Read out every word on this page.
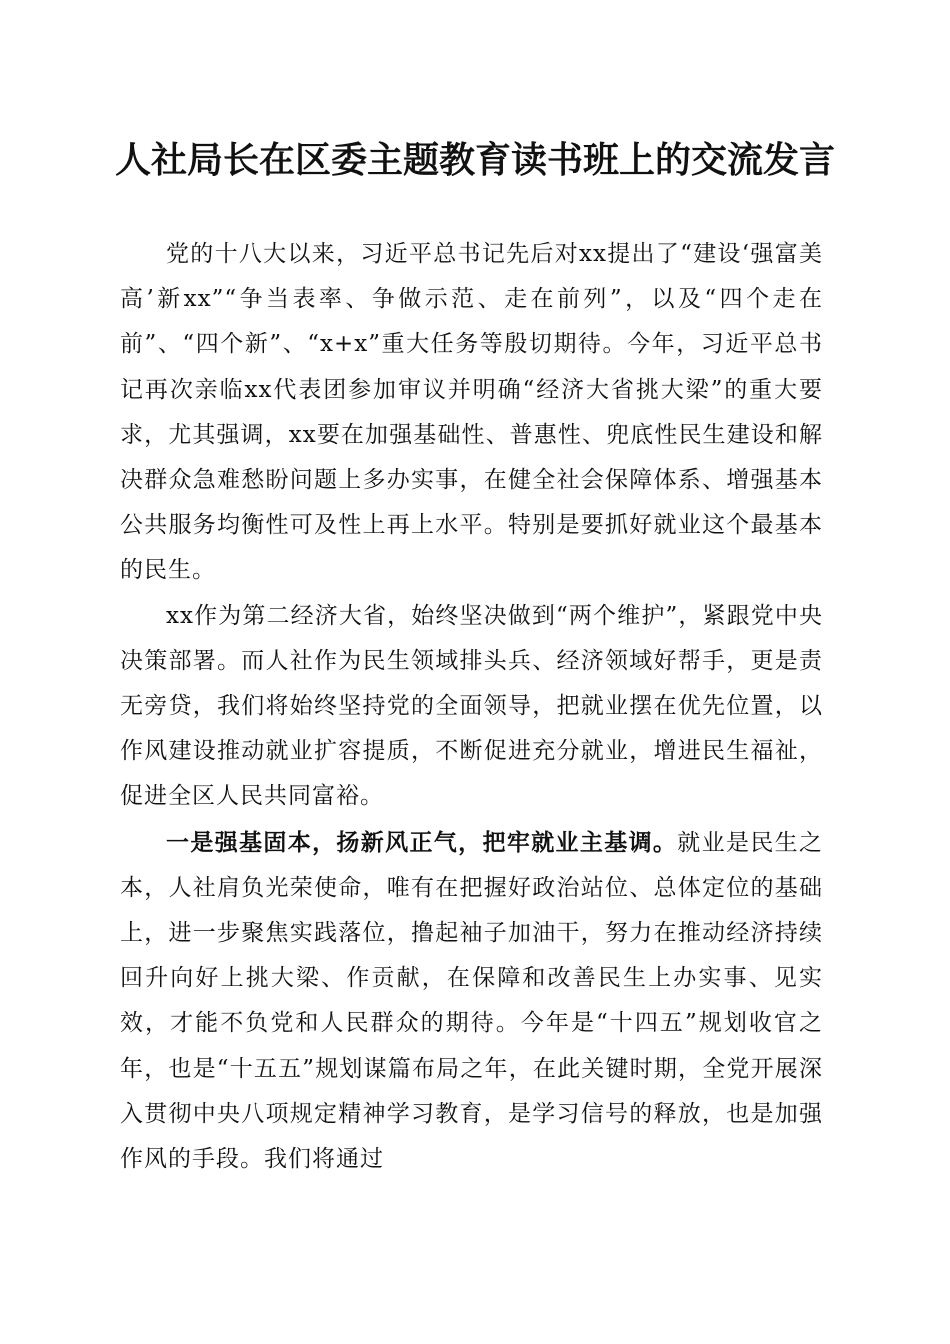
人社局长在区委主题教育读书班上的交流发言

党的十八大以来，习近平总书记先后对xx提出了“建设‘强富美高’新xx”“争当表率、争做示范、走在前列”，以及“四个走在前”、“四个新”、“x+x”重大任务等殷切期待。今年，习近平总书记再次亲临xx代表团参加审议并明确“经济大省挑大梁”的重大要求，尤其强调，xx要在加强基础性、普惠性、兜底性民生建设和解决群众急难愁盼问题上多办实事，在健全社会保障体系、增强基本公共服务均衡性可及性上再上水平。特别是要抓好就业这个最基本的民生。

xx作为第二经济大省，始终坚决做到“两个维护”，紧跟党中央决策部署。而人社作为民生领域排头兵、经济领域好帮手，更是责无旁贷，我们将始终坚持党的全面领导，把就业摆在优先位置，以作风建设推动就业扩容提质，不断促进充分就业，增进民生福祉，促进全区人民共同富裕。

一是强基固本，扬新风正气，把牢就业主基调。就业是民生之本，人社肩负光荣使命，唯有在把握好政治站位、总体定位的基础上，进一步聚焦实践落位，撸起袖子加油干，努力在推动经济持续回升向好上挑大梁、作贡献，在保障和改善民生上办实事、见实效，才能不负党和人民群众的期待。今年是“十四五”规划收官之年，也是“十五五”规划谋篇布局之年，在此关键时期，全党开展深入贯彻中央八项规定精神学习教育，是学习信号的释放，也是加强作风的手段。我们将通过
